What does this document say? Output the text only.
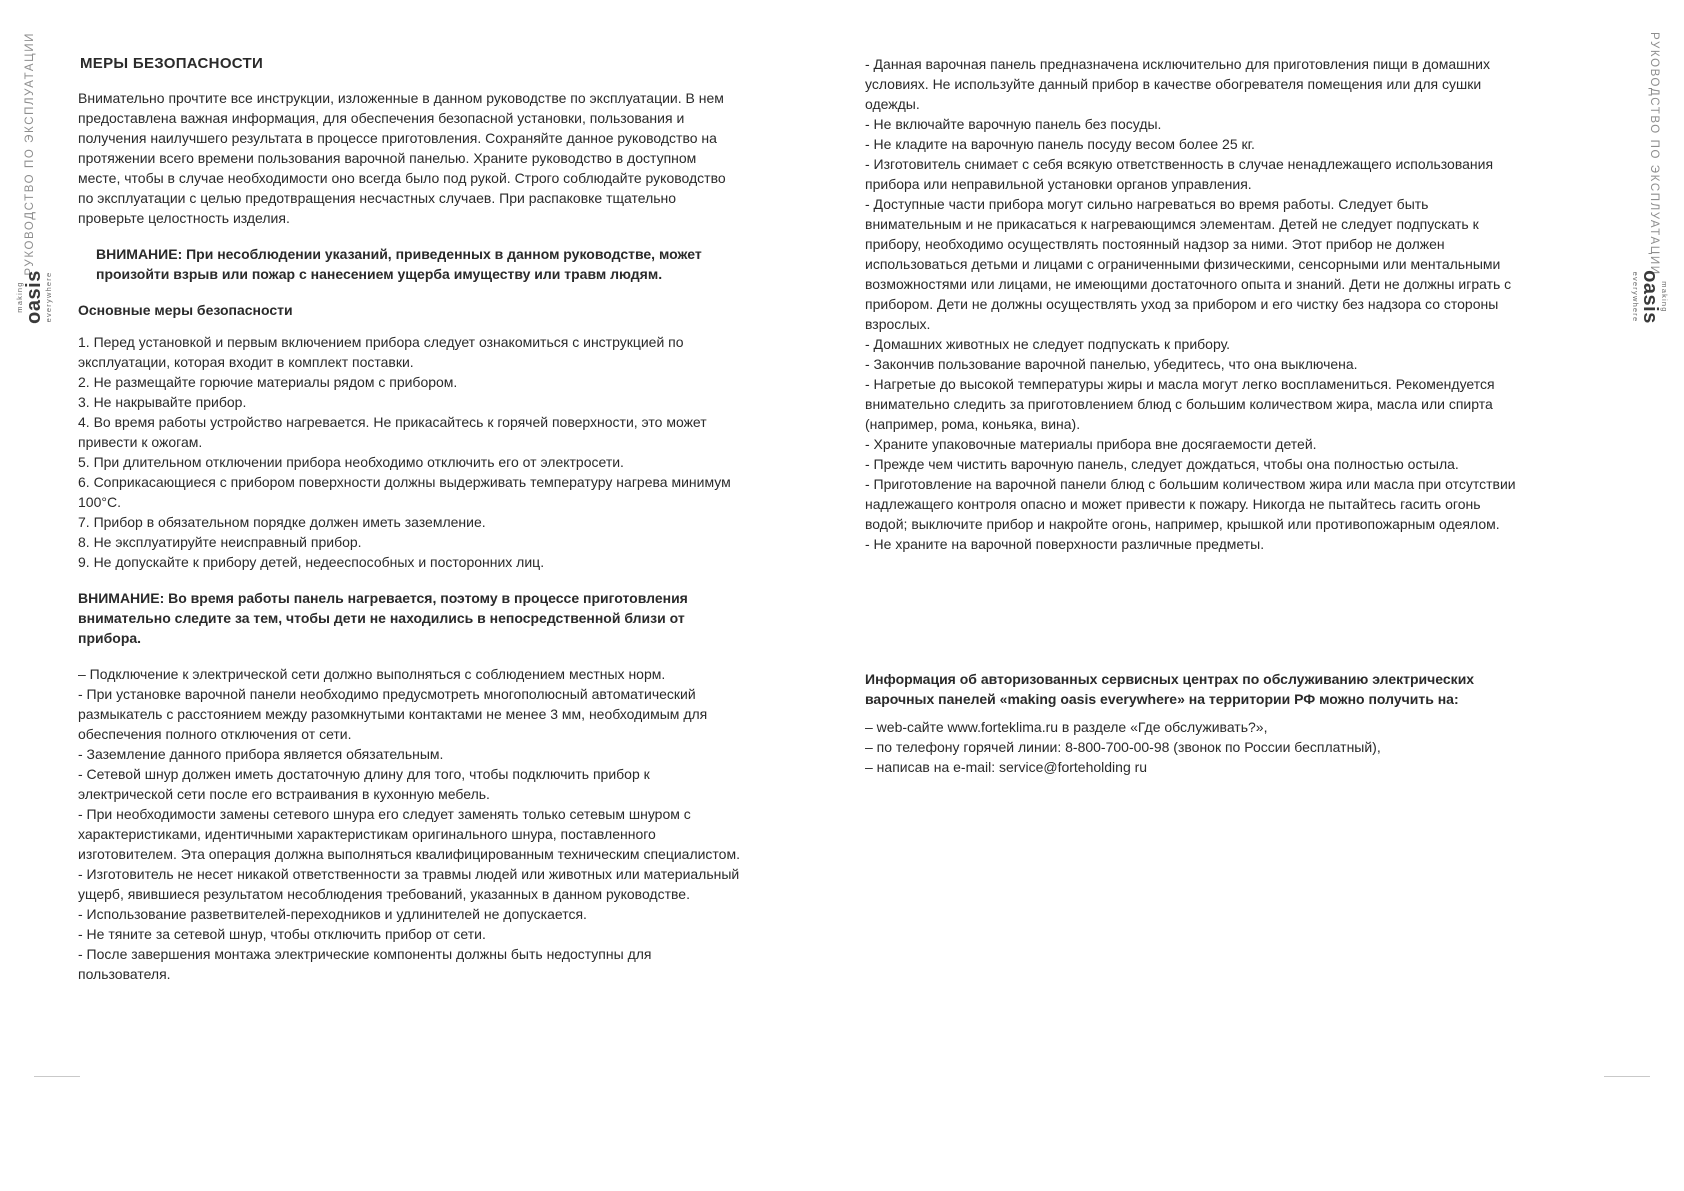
РУКОВОДСТВО ПО ЭКСПЛУАТАЦИИ
making oasis everywhere
РУКОВОДСТВО ПО ЭКСПЛУАТАЦИИ
making
oasis
everywhere
МЕРЫ БЕЗОПАСНОСТИ

Внимательно прочтите все инструкции, изложенные в данном руководстве по эксплуатации. В нем предоставлена важная информация, для обеспечения безопасной установки, пользования и получения наилучшего результата в процессе приготовления. Сохраняйте данное руководство на протяжении всего времени пользования варочной панелью. Храните руководство в доступном месте, чтобы в случае необходимости оно всегда было под рукой. Строго соблюдайте руководство по эксплуатации с целью предотвращения несчастных случаев. При распаковке тщательно проверьте целостность изделия.

ВНИМАНИЕ: При несоблюдении указаний, приведенных в данном руководстве, может произойти взрыв или пожар с нанесением ущерба имуществу или травм людям.

Основные меры безопасности

1. Перед установкой и первым включением прибора следует ознакомиться с инструкцией по эксплуатации, которая входит в комплект поставки.

2. Не размещайте горючие материалы рядом с прибором.

3. Не накрывайте прибор.

4. Во время работы устройство нагревается. Не прикасайтесь к горячей поверхности, это может привести к ожогам.

5. При длительном отключении прибора необходимо отключить его от электросети.

6. Соприкасающиеся с прибором поверхности должны выдерживать температуру нагрева минимум 100°С.

7. Прибор в обязательном порядке должен иметь заземление.

8. Не эксплуатируйте неисправный прибор.

9. Не допускайте к прибору детей, недееспособных и посторонних лиц.

ВНИМАНИЕ: Во время работы панель нагревается, поэтому в процессе приготовления внимательно следите за тем, чтобы дети не находились в непосредственной близи от прибора.

– Подключение к электрической сети должно выполняться с соблюдением местных норм.

- При установке варочной панели необходимо предусмотреть многополюсный автоматический размыкатель с расстоянием между разомкнутыми контактами не менее 3 мм, необходимым для обеспечения полного отключения от сети.

- Заземление данного прибора является обязательным.

- Сетевой шнур должен иметь достаточную длину для того, чтобы подключить прибор к электрической сети после его встраивания в кухонную мебель.

- При необходимости замены сетевого шнура его следует заменять только сетевым шнуром с характеристиками, идентичными характеристикам оригинального шнура, поставленного изготовителем. Эта операция должна выполняться квалифицированным техническим специалистом.

- Изготовитель не несет никакой ответственности за травмы людей или животных или материальный ущерб, явившиеся результатом несоблюдения требований, указанных в данном руководстве.

- Использование разветвителей-переходников и удлинителей не допускается.

- Не тяните за сетевой шнур, чтобы отключить прибор от сети.

- После завершения монтажа электрические компоненты должны быть недоступны для пользователя.

- Данная варочная панель предназначена исключительно для приготовления пищи в домашних условиях. Не используйте данный прибор в качестве обогревателя помещения или для сушки одежды.

- Не включайте варочную панель без посуды.

- Не кладите на варочную панель посуду весом более 25 кг.

- Изготовитель снимает с себя всякую ответственность в случае ненадлежащего использования прибора или неправильной установки органов управления.

- Доступные части прибора могут сильно нагреваться во время работы. Следует быть внимательным и не прикасаться к нагревающимся элементам. Детей не следует подпускать к прибору, необходимо осуществлять постоянный надзор за ними. Этот прибор не должен использоваться детьми и лицами с ограниченными физическими, сенсорными или ментальными возможностями или лицами, не имеющими достаточного опыта и знаний. Дети не должны играть с прибором. Дети не должны осуществлять уход за прибором и его чистку без надзора со стороны взрослых.

- Домашних животных не следует подпускать к прибору.

- Закончив пользование варочной панелью, убедитесь, что она выключена.

- Нагретые до высокой температуры жиры и масла могут легко воспламениться. Рекомендуется внимательно следить за приготовлением блюд с большим количеством жира, масла или спирта (например, рома, коньяка, вина).

- Храните упаковочные материалы прибора вне досягаемости детей.

- Прежде чем чистить варочную панель, следует дождаться, чтобы она полностью остыла.

- Приготовление на варочной панели блюд с большим количеством жира или масла при отсутствии надлежащего контроля опасно и может привести к пожару. Никогда не пытайтесь гасить огонь водой; выключите прибор и накройте огонь, например, крышкой или противопожарным одеялом.

- Не храните на варочной поверхности различные предметы.

Информация об авторизованных сервисных центрах по обслуживанию электрических варочных панелей «making oasis everywhere» на территории РФ можно получить на:

– web-сайте www.forteklima.ru в разделе «Где обслуживать?»,

– по телефону горячей линии: 8-800-700-00-98 (звонок по России бесплатный),

– написав на e-mail: service@forteholding ru
